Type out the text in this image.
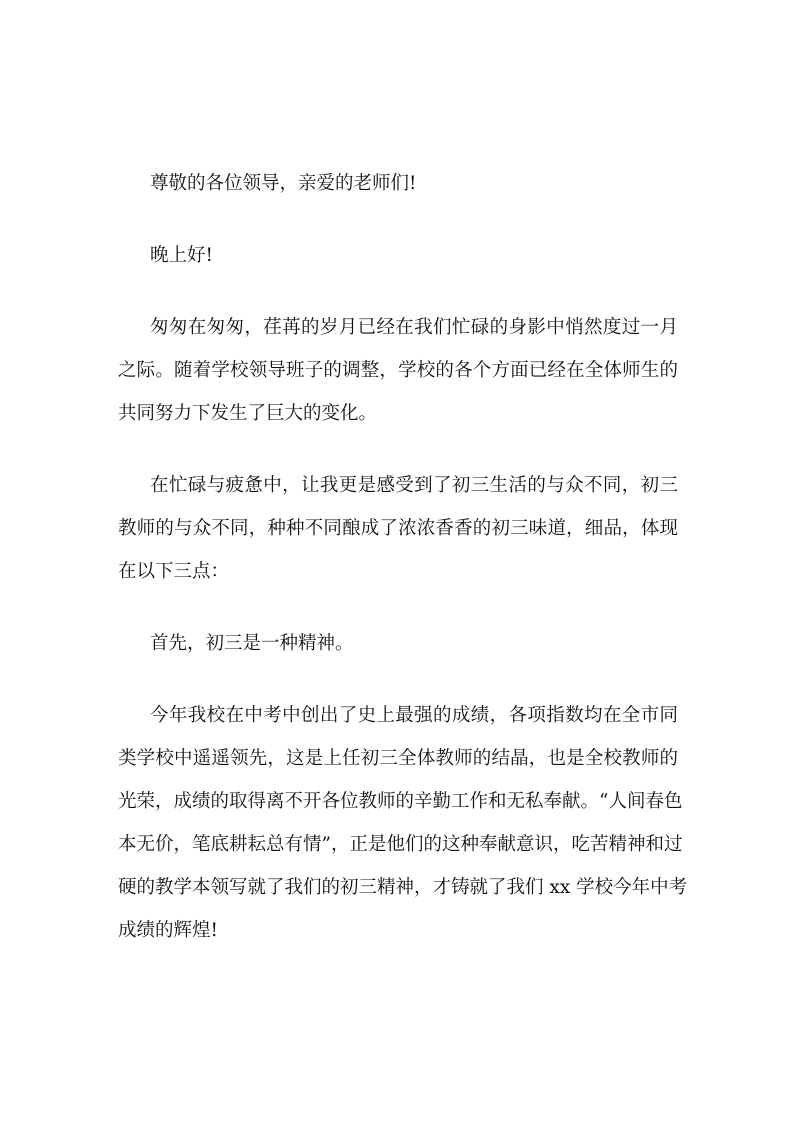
尊敬的各位领导，亲爱的老师们!
晚上好!
匆匆在匆匆，荏苒的岁月已经在我们忙碌的身影中悄然度过一月
之际。随着学校领导班子的调整，学校的各个方面已经在全体师生的
共同努力下发生了巨大的变化。
在忙碌与疲惫中，让我更是感受到了初三生活的与众不同，初三
教师的与众不同，种种不同酿成了浓浓香香的初三味道，细品，体现
在以下三点：
首先，初三是一种精神。
今年我校在中考中创出了史上最强的成绩，各项指数均在全市同
类学校中遥遥领先，这是上任初三全体教师的结晶，也是全校教师的
光荣，成绩的取得离不开各位教师的辛勤工作和无私奉献。“人间春色
本无价，笔底耕耘总有情”，正是他们的这种奉献意识，吃苦精神和过
硬的教学本领写就了我们的初三精神，才铸就了我们 xx 学校今年中考
成绩的辉煌!
